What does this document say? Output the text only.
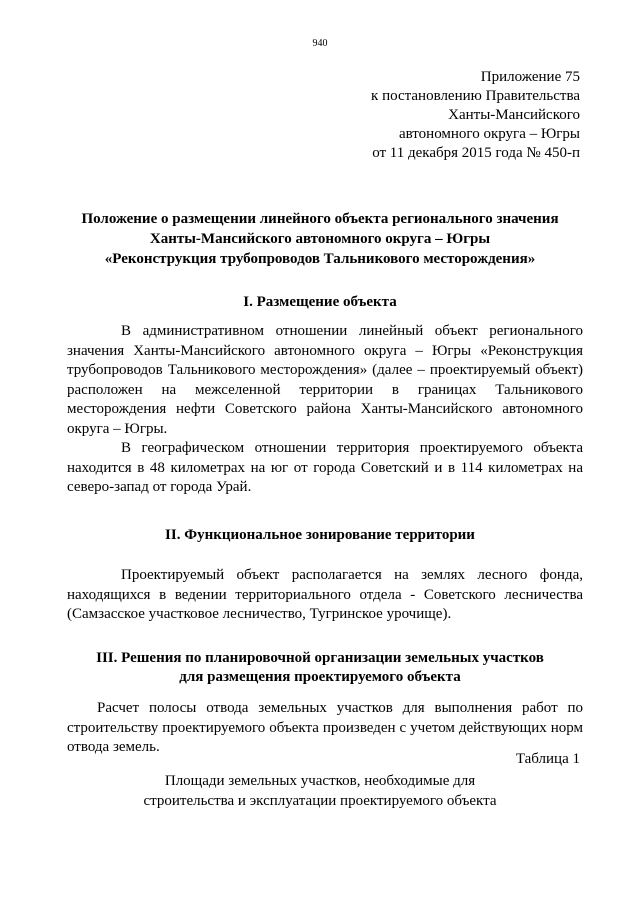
940
Приложение 75
к постановлению Правительства
Ханты-Мансийского
автономного округа – Югры
от 11 декабря 2015 года № 450-п
Положение о размещении линейного объекта регионального значения
Ханты-Мансийского автономного округа – Югры
«Реконструкция трубопроводов Тальникового месторождения»
I. Размещение объекта

В административном отношении линейный объект регионального значения Ханты-Мансийского автономного округа – Югры «Реконструкция трубопроводов Тальникового месторождения» (далее – проектируемый объект) расположен на межселенной территории в границах Тальникового месторождения нефти Советского района Ханты-Мансийского автономного округа – Югры.

В географическом отношении территория проектируемого объекта находится в 48 километрах на юг от города Советский и в 114 километрах на северо-запад от города Урай.

II. Функциональное зонирование территории

Проектируемый объект располагается на землях лесного фонда, находящихся в ведении территориального отдела - Советского лесничества (Самзасское участковое лесничество, Тугринское урочище).

III. Решения по планировочной организации земельных участков
для размещения проектируемого объекта

Расчет полосы отвода земельных участков для выполнения работ по строительству проектируемого объекта произведен с учетом действующих норм отвода земель.

Таблица 1
Площади земельных участков, необходимые для
строительства и эксплуатации проектируемого объекта
